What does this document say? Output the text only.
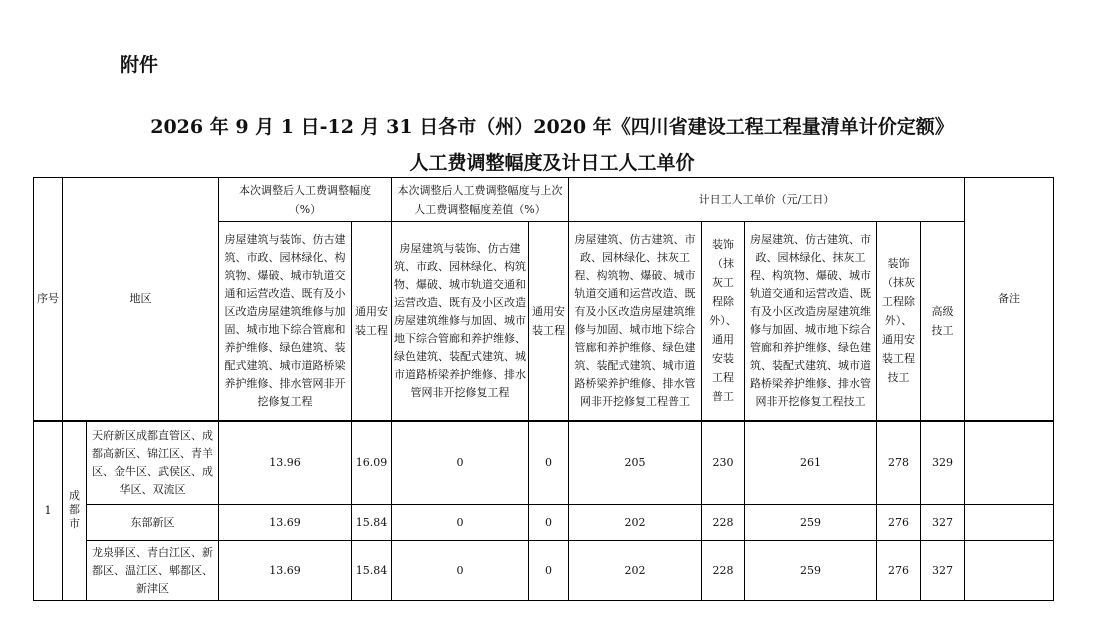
附件
2026 年 9 月 1 日-12 月 31 日各市（州）2020 年《四川省建设工程工程量清单计价定额》
人工费调整幅度及计日工人工单价
序号	地区		本次调整后人工费调整幅度（%）		本次调整后人工费调整幅度与上次人工费调整幅度差值（%）		计日工人工单价（元/工日）					备注
			房屋建筑与装饰、仿古建筑、市政、园林绿化、构筑物、爆破、城市轨道交通和运营改造、既有及小区改造房屋建筑维修与加固、城市地下综合管廊和养护维修、绿色建筑、装配式建筑、城市道路桥梁养护维修、排水管网非开挖修复工程	通用安装工程	房屋建筑与装饰、仿古建筑、市政、园林绿化、构筑物、爆破、城市轨道交通和运营改造、既有及小区改造房屋建筑维修与加固、城市地下综合管廊和养护维修、绿色建筑、装配式建筑、城市道路桥梁养护维修、排水管网非开挖修复工程	通用安装工程	房屋建筑、仿古建筑、市政、园林绿化、抹灰工程、构筑物、爆破、城市轨道交通和运营改造、既有及小区改造房屋建筑维修与加固、城市地下综合管廊和养护维修、绿色建筑、装配式建筑、城市道路桥梁养护维修、排水管网非开挖修复工程普工	装饰（抹灰工程除外）、通用安装工程普工	房屋建筑、仿古建筑、市政、园林绿化、抹灰工程、构筑物、爆破、城市轨道交通和运营改造、既有及小区改造房屋建筑维修与加固、城市地下综合管廊和养护维修、绿色建筑、装配式建筑、城市道路桥梁养护维修、排水管网非开挖修复工程技工	装饰（抹灰工程除外）、通用安装工程技工	高级技工	
1	成都市	天府新区成都直管区、成都高新区、锦江区、青羊区、金牛区、武侯区、成华区、双流区	13.96	16.09	0	0	205	230	261	278	329	
		东部新区	13.69	15.84	0	0	202	228	259	276	327	
		龙泉驿区、青白江区、新都区、温江区、郫都区、新津区	13.69	15.84	0	0	202	228	259	276	327	
